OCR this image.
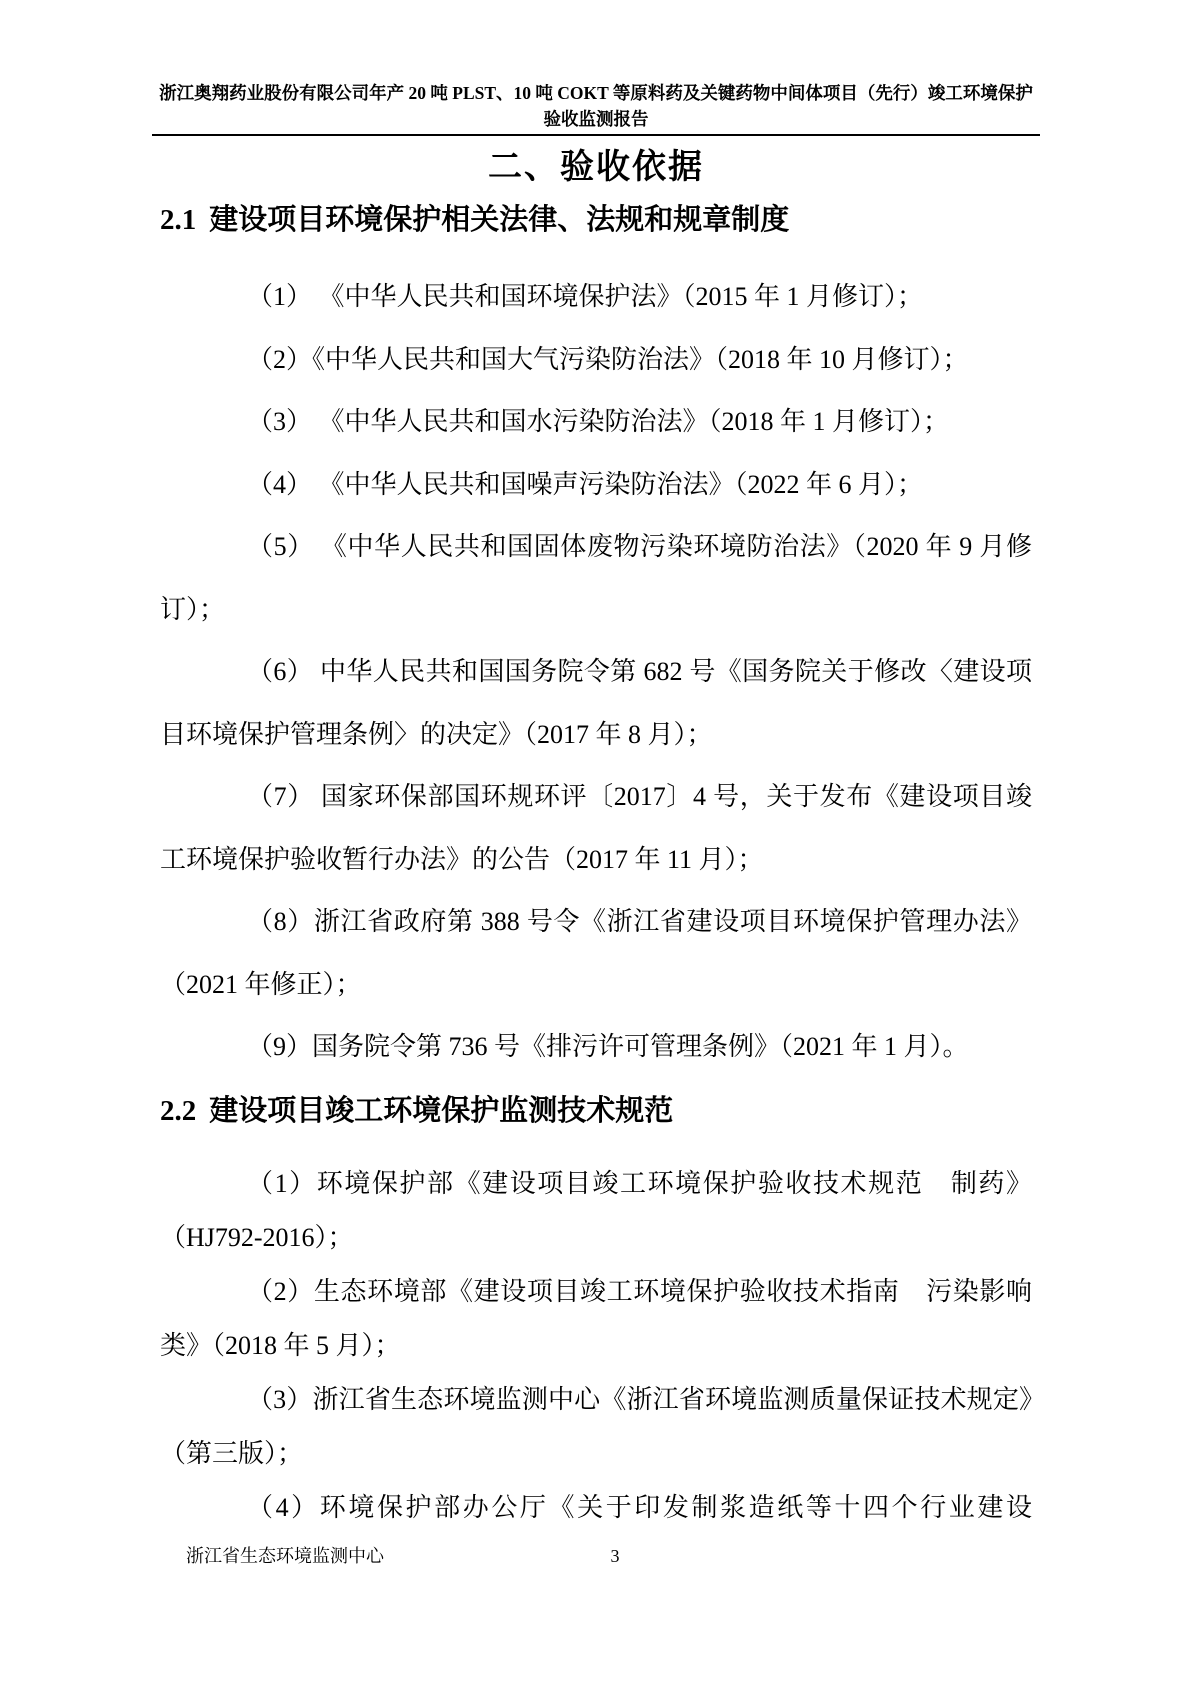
浙江奥翔药业股份有限公司年产 20 吨 PLST、10 吨 COKT 等原料药及关键药物中间体项目（先行）竣工环境保护验收监测报告
二、验收依据
2.1 建设项目环境保护相关法律、法规和规章制度

（1） 《中华人民共和国环境保护法》（2015 年 1 月修订）；

（2）《中华人民共和国大气污染防治法》（2018 年 10 月修订）；

（3） 《中华人民共和国水污染防治法》（2018 年 1 月修订）；

（4） 《中华人民共和国噪声污染防治法》（2022 年 6 月）；

（5） 《中华人民共和国固体废物污染环境防治法》（2020 年 9 月修订）；

（6） 中华人民共和国国务院令第 682 号《国务院关于修改〈建设项目环境保护管理条例〉的决定》（2017 年 8 月）；

（7） 国家环保部国环规环评〔2017〕4 号，关于发布《建设项目竣工环境保护验收暂行办法》的公告（2017 年 11 月）；

（8）浙江省政府第 388 号令《浙江省建设项目环境保护管理办法》（2021 年修正）；

（9）国务院令第 736 号《排污许可管理条例》（2021 年 1 月）。

2.2 建设项目竣工环境保护监测技术规范

（1）环境保护部《建设项目竣工环境保护验收技术规范　制药》（HJ792-2016）；

（2）生态环境部《建设项目竣工环境保护验收技术指南　污染影响类》（2018 年 5 月）；

（3）浙江省生态环境监测中心《浙江省环境监测质量保证技术规定》（第三版）；

（4）环境保护部办公厅《关于印发制浆造纸等十四个行业建设

浙江省生态环境监测中心	3
